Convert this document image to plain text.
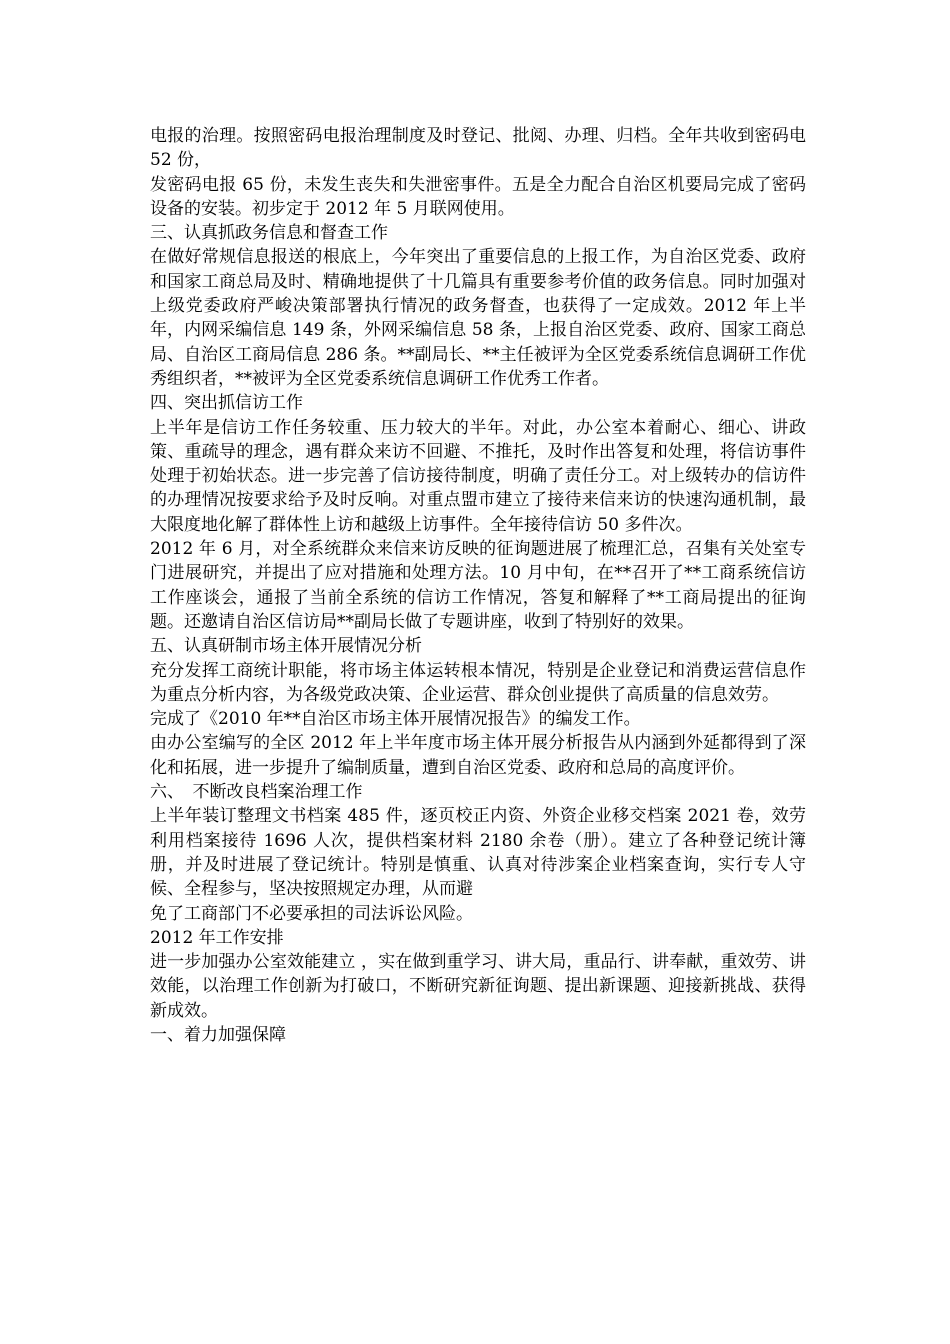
电报的治理。按照密码电报治理制度及时登记、批阅、办理、归档。全年共收到密码电 52 份，

发密码电报 65 份，未发生丧失和失泄密事件。五是全力配合自治区机要局完成了密码设备的安装。初步定于 2012 年 5 月联网使用。

三、认真抓政务信息和督查工作

在做好常规信息报送的根底上，今年突出了重要信息的上报工作，为自治区党委、政府和国家工商总局及时、精确地提供了十几篇具有重要参考价值的政务信息。同时加强对上级党委政府严峻决策部署执行情况的政务督查，也获得了一定成效。2012 年上半年，内网采编信息 149 条，外网采编信息 58 条，上报自治区党委、政府、国家工商总局、自治区工商局信息 286 条。**副局长、**主任被评为全区党委系统信息调研工作优秀组织者，**被评为全区党委系统信息调研工作优秀工作者。

四、突出抓信访工作

上半年是信访工作任务较重、压力较大的半年。对此，办公室本着耐心、细心、讲政策、重疏导的理念，遇有群众来访不回避、不推托，及时作出答复和处理，将信访事件处理于初始状态。进一步完善了信访接待制度，明确了责任分工。对上级转办的信访件的办理情况按要求给予及时反响。对重点盟市建立了接待来信来访的快速沟通机制，最大限度地化解了群体性上访和越级上访事件。全年接待信访 50 多件次。

2012 年 6 月，对全系统群众来信来访反映的征询题进展了梳理汇总，召集有关处室专门进展研究，并提出了应对措施和处理方法。10 月中旬，在**召开了**工商系统信访工作座谈会，通报了当前全系统的信访工作情况，答复和解释了**工商局提出的征询题。还邀请自治区信访局**副局长做了专题讲座，收到了特别好的效果。

五、认真研制市场主体开展情况分析

充分发挥工商统计职能，将市场主体运转根本情况，特别是企业登记和消费运营信息作为重点分析内容，为各级党政决策、企业运营、群众创业提供了高质量的信息效劳。

完成了《2010 年**自治区市场主体开展情况报告》的编发工作。

由办公室编写的全区 2012 年上半年度市场主体开展分析报告从内涵到外延都得到了深化和拓展，进一步提升了编制质量，遭到自治区党委、政府和总局的高度评价。

六、　不断改良档案治理工作

上半年装订整理文书档案 485 件，逐页校正内资、外资企业移交档案 2021 卷，效劳利用档案接待 1696 人次，提供档案材料 2180 余卷（册）。建立了各种登记统计簿册，并及时进展了登记统计。特别是慎重、认真对待涉案企业档案查询，实行专人守候、全程参与，坚决按照规定办理，从而避

免了工商部门不必要承担的司法诉讼风险。

2012 年工作安排

进一步加强办公室效能建立 ，实在做到重学习、讲大局，重品行、讲奉献，重效劳、讲效能，以治理工作创新为打破口，不断研究新征询题、提出新课题、迎接新挑战、获得新成效。

一、着力加强保障
